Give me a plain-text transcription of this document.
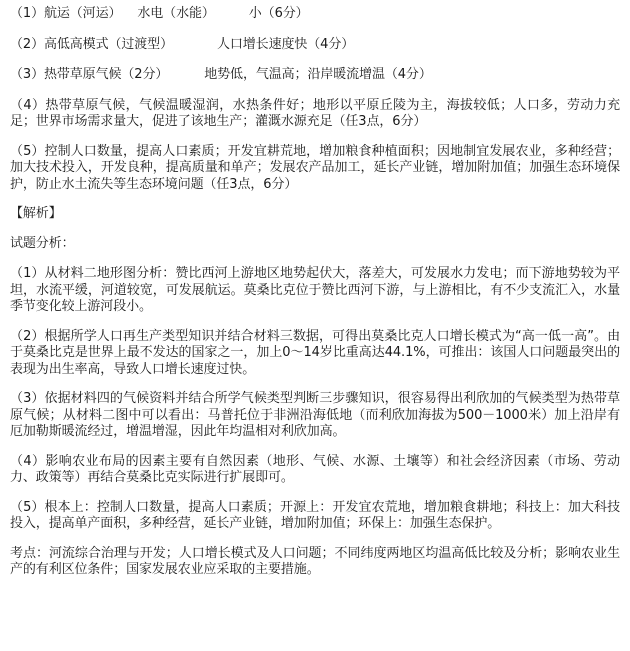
（1）航运（河运） 水电（水能）	小（6分）

（2）高低高模式（过渡型）	人口增长速度快（4分）

（3）热带草原气候（2分）	地势低，气温高；沿岸暖流增温（4分）

（4）热带草原气候，气候温暖湿润，水热条件好；地形以平原丘陵为主，海拔较低；人口多，劳动力充足；世界市场需求量大，促进了该地生产；灌溉水源充足（任3点，6分）

（5）控制人口数量，提高人口素质；开发宜耕荒地，增加粮食种植面积；因地制宜发展农业，多种经营；加大技术投入，开发良种，提高质量和单产；发展农产品加工，延长产业链，增加附加值；加强生态环境保护，防止水土流失等生态环境问题（任3点，6分）

【解析】

试题分析：

（1）从材料二地形图分析：赞比西河上游地区地势起伏大，落差大，可发展水力发电；而下游地势较为平坦，水流平缓，河道较宽，可发展航运。莫桑比克位于赞比西河下游，与上游相比，有不少支流汇入，水量季节变化较上游河段小。

（2）根据所学人口再生产类型知识并结合材料三数据，可得出莫桑比克人口增长模式为“高一低一高”。由于莫桑比克是世界上最不发达的国家之一，加上0～14岁比重高达44.1%，可推出：该国人口问题最突出的表现为出生率高，导致人口增长速度过快。

（3）依据材料四的气候资料并结合所学气候类型判断三步骤知识，很容易得出利欣加的气候类型为热带草原气候；从材料二图中可以看出：马普托位于非洲沿海低地（而利欣加海拔为500－1000米）加上沿岸有厄加勒斯暖流经过，增温增湿，因此年均温相对利欣加高。

（4）影响农业布局的因素主要有自然因素（地形、气候、水源、土壤等）和社会经济因素（市场、劳动力、政策等）再结合莫桑比克实际进行扩展即可。

（5）根本上：控制人口数量，提高人口素质；开源上：开发宜农荒地，增加粮食耕地；科技上：加大科技投入，提高单产面积，多种经营，延长产业链，增加附加值；环保上：加强生态保护。

考点：河流综合治理与开发；人口增长模式及人口问题；不同纬度两地区均温高低比较及分析；影响农业生产的有利区位条件；国家发展农业应采取的主要措施。
